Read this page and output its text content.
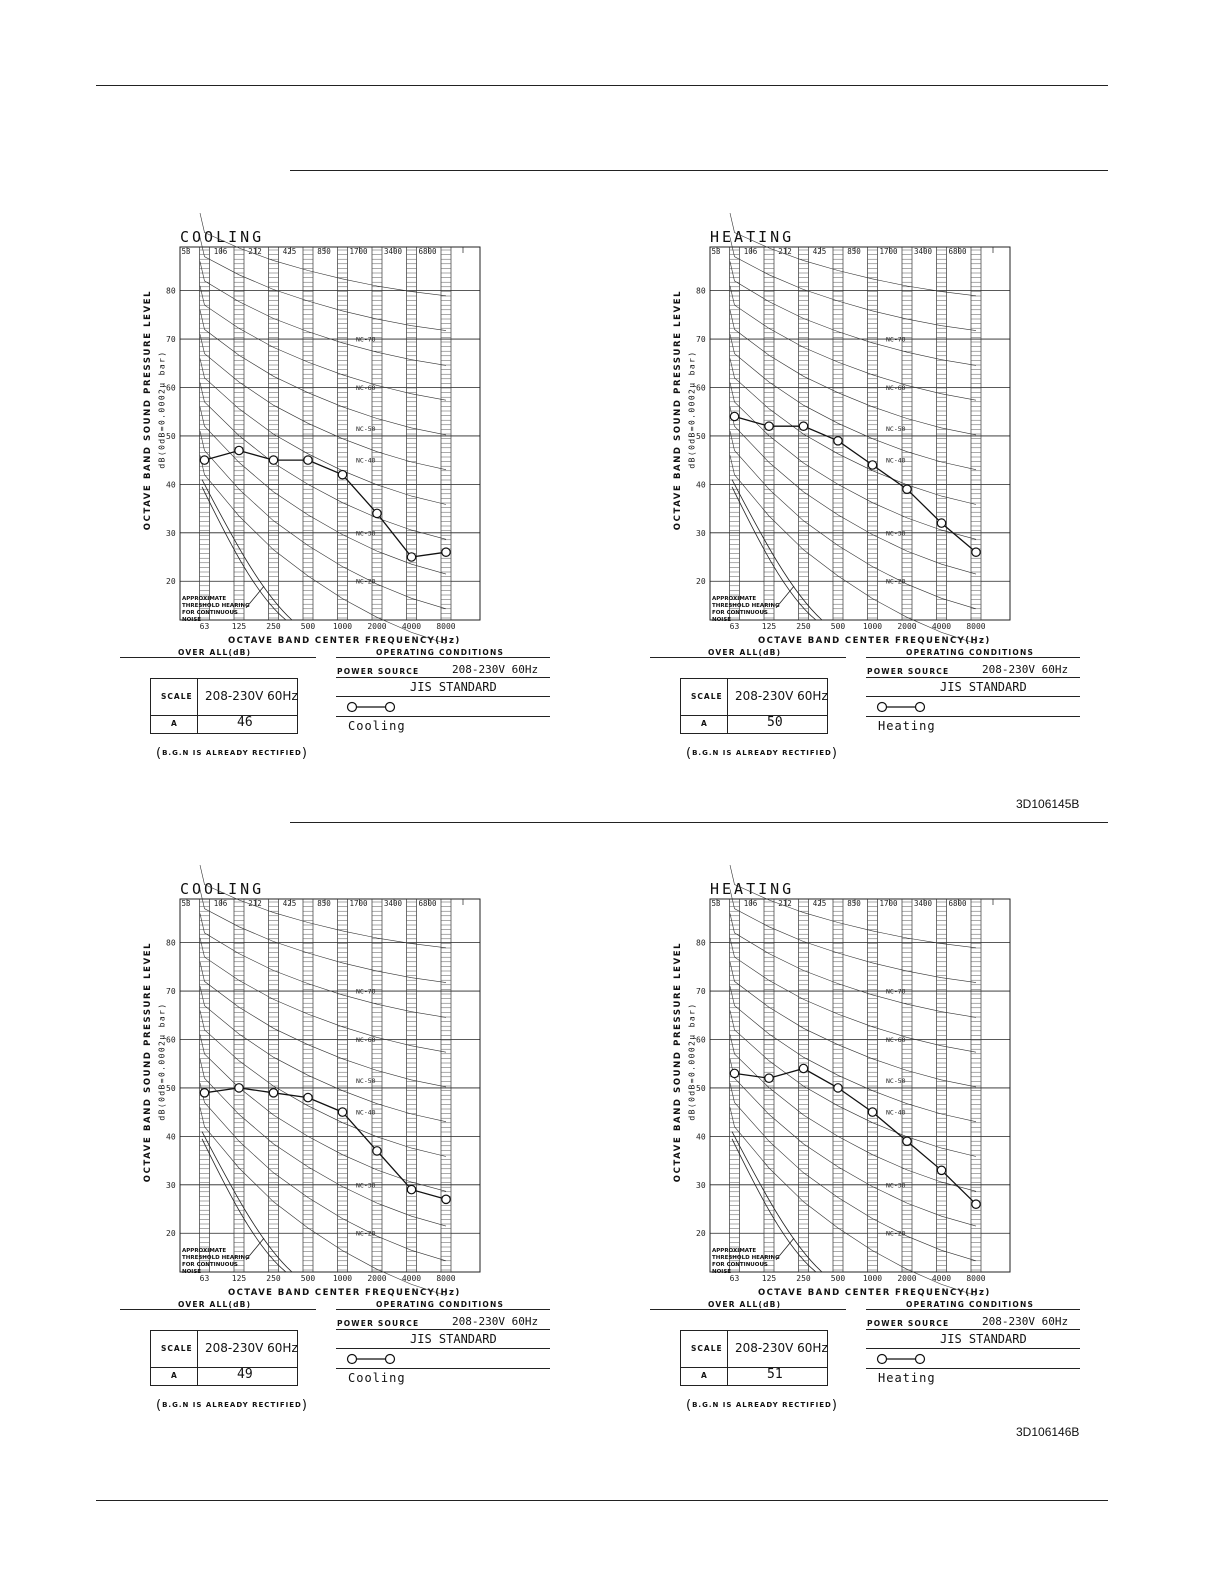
3D106145B
3D106146B
COOLING
NC-70
NC-60
NC-50
NC-40
NC-30
NC-20
80
70
60
50
40
30
20
53	106	212	425	850 1700 3400 6800
63	125	250	500 1000 2000 4000 8000
OCTAVE BAND SOUND PRESSURE LEVEL dB(0dB=0.0002μ bar)
APPROXIMATE
THRESHOLD HEARING
FOR CONTINUOUS
NOISE
OCTAVE BAND CENTER FREQUENCY(Hz)
OVER ALL(dB)
SCALE 208-230V 60Hz
A	46
(B.G.N IS ALREADY RECTIFIED)
OPERATING CONDITIONS
POWER SOURCE	208-230V 60Hz
JIS STANDARD
Cooling
HEATING
NC-70
NC-60
NC-50
NC-40
NC-30
NC-20
80
70
60
50
40
30
20
53	106	212	425	850 1700 3400 6800
63	125	250	500 1000 2000 4000 8000
OCTAVE BAND SOUND PRESSURE LEVEL dB(0dB=0.0002μ bar)
APPROXIMATE
THRESHOLD HEARING
FOR CONTINUOUS
NOISE
OCTAVE BAND CENTER FREQUENCY(Hz)
OVER ALL(dB)
SCALE 208-230V 60Hz
A	50
(B.G.N IS ALREADY RECTIFIED)
OPERATING CONDITIONS
POWER SOURCE	208-230V 60Hz
JIS STANDARD
Heating
COOLING
NC-70
NC-60
NC-50
NC-40
NC-30
NC-20
80
70
60
50
40
30
20
53	106	212	425	850 1700 3400 6800
63	125	250	500 1000 2000 4000 8000
OCTAVE BAND SOUND PRESSURE LEVEL dB(0dB=0.0002μ bar)
APPROXIMATE
THRESHOLD HEARING
FOR CONTINUOUS
NOISE
OCTAVE BAND CENTER FREQUENCY(Hz)
OVER ALL(dB)
SCALE 208-230V 60Hz
A	49
(B.G.N IS ALREADY RECTIFIED)
OPERATING CONDITIONS
POWER SOURCE	208-230V 60Hz
JIS STANDARD
Cooling
HEATING
NC-70
NC-60
NC-50
NC-40
NC-30
NC-20
80
70
60
50
40
30
20
53	106	212	425	850 1700 3400 6800
63	125	250	500 1000 2000 4000 8000
OCTAVE BAND SOUND PRESSURE LEVEL dB(0dB=0.0002μ bar)
APPROXIMATE
THRESHOLD HEARING
FOR CONTINUOUS
NOISE
OCTAVE BAND CENTER FREQUENCY(Hz)
OVER ALL(dB)
SCALE 208-230V 60Hz
A	51
(B.G.N IS ALREADY RECTIFIED)
OPERATING CONDITIONS
POWER SOURCE	208-230V 60Hz
JIS STANDARD
Heating
